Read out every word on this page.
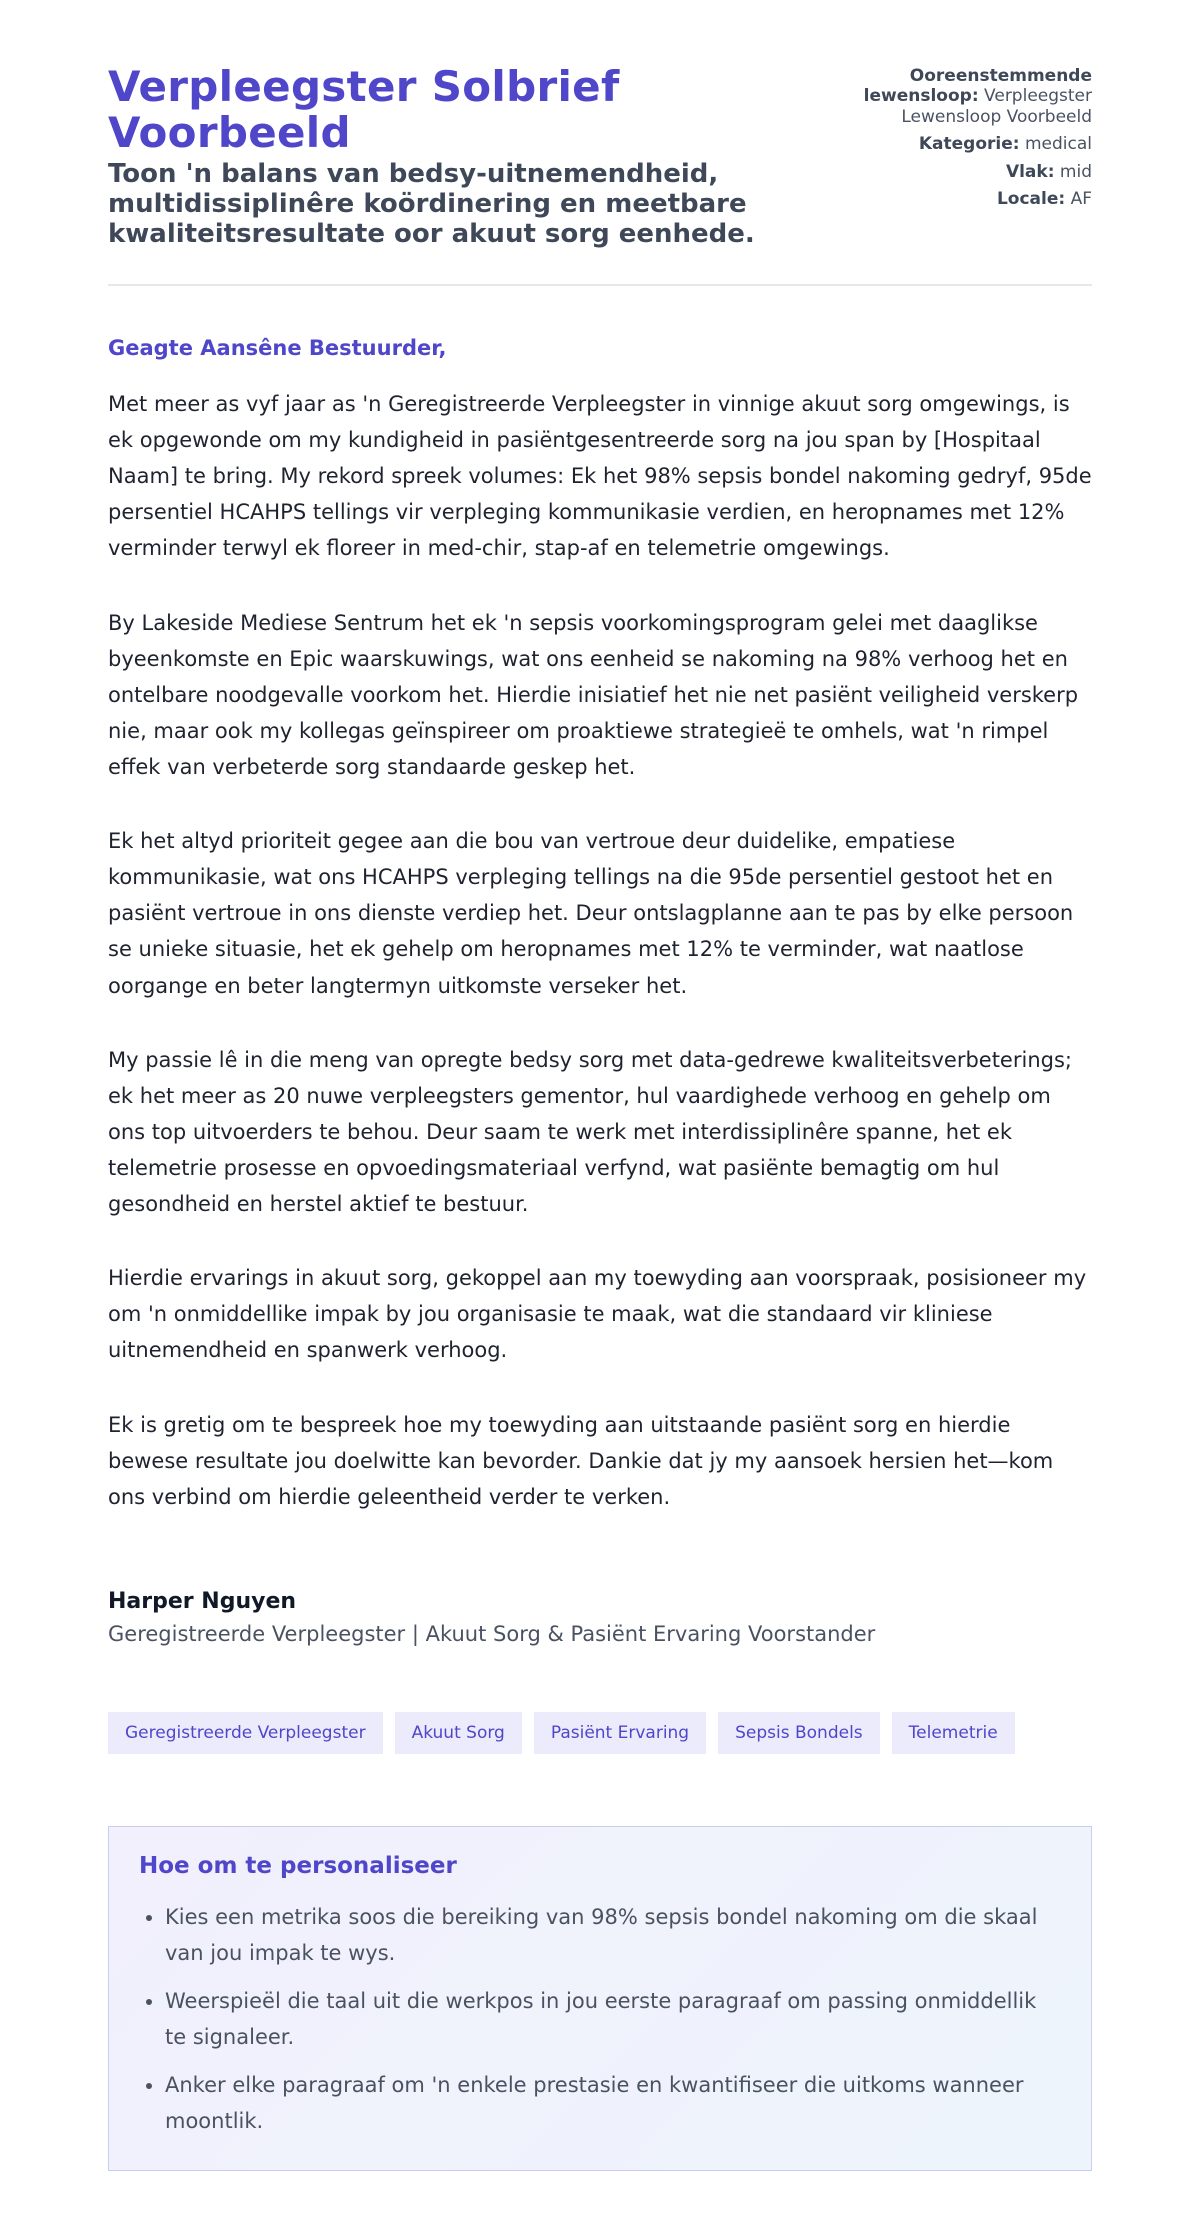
Verpleegster Solbrief Voorbeeld
Toon 'n balans van bedsy-uitnemendheid, multidissiplinêre koördinering en meetbare kwaliteitsresultate oor akuut sorg eenhede.
Ooreenstemmende lewensloop: Verpleegster Lewensloop Voorbeeld
Kategorie: medical
Vlak: mid
Locale: AF

Geagte Aansêne Bestuurder,

Met meer as vyf jaar as 'n Geregistreerde Verpleegster in vinnige akuut sorg omgewings, is ek opgewonde om my kundigheid in pasiëntgesentreerde sorg na jou span by [Hospitaal Naam] te bring. My rekord spreek volumes: Ek het 98% sepsis bondel nakoming gedryf, 95de persentiel HCAHPS tellings vir verpleging kommunikasie verdien, en heropnames met 12% verminder terwyl ek floreer in med-chir, stap-af en telemetrie omgewings.

By Lakeside Mediese Sentrum het ek 'n sepsis voorkomingsprogram gelei met daaglikse byeenkomste en Epic waarskuwings, wat ons eenheid se nakoming na 98% verhoog het en ontelbare noodgevalle voorkom het. Hierdie inisiatief het nie net pasiënt veiligheid verskerp nie, maar ook my kollegas geïnspireer om proaktiewe strategieë te omhels, wat 'n rimpel effek van verbeterde sorg standaarde geskep het.

Ek het altyd prioriteit gegee aan die bou van vertroue deur duidelike, empatiese kommunikasie, wat ons HCAHPS verpleging tellings na die 95de persentiel gestoot het en pasiënt vertroue in ons dienste verdiep het. Deur ontslagplanne aan te pas by elke persoon se unieke situasie, het ek gehelp om heropnames met 12% te verminder, wat naatlose oorgange en beter langtermyn uitkomste verseker het.

My passie lê in die meng van opregte bedsy sorg met data-gedrewe kwaliteitsverbeterings; ek het meer as 20 nuwe verpleegsters gementor, hul vaardighede verhoog en gehelp om ons top uitvoerders te behou. Deur saam te werk met interdissiplinêre spanne, het ek telemetrie prosesse en opvoedingsmateriaal verfynd, wat pasiënte bemagtig om hul gesondheid en herstel aktief te bestuur.

Hierdie ervarings in akuut sorg, gekoppel aan my toewyding aan voorspraak, posisioneer my om 'n onmiddellike impak by jou organisasie te maak, wat die standaard vir kliniese uitnemendheid en spanwerk verhoog.

Ek is gretig om te bespreek hoe my toewyding aan uitstaande pasiënt sorg en hierdie bewese resultate jou doelwitte kan bevorder. Dankie dat jy my aansoek hersien het—kom ons verbind om hierdie geleentheid verder te verken.

Harper Nguyen

Geregistreerde Verpleegster | Akuut Sorg & Pasiënt Ervaring Voorstander

Geregistreerde Verpleegster	Akuut Sorg	Pasiënt Ervaring	Sepsis Bondels	Telemetrie
Hoe om te personaliseer
• Kies een metrika soos die bereiking van 98% sepsis bondel nakoming om die skaal van jou impak te wys.
• Weerspieël die taal uit die werkpos in jou eerste paragraaf om passing onmiddellik te signaleer.
• Anker elke paragraaf om 'n enkele prestasie en kwantifiseer die uitkoms wanneer moontlik.
